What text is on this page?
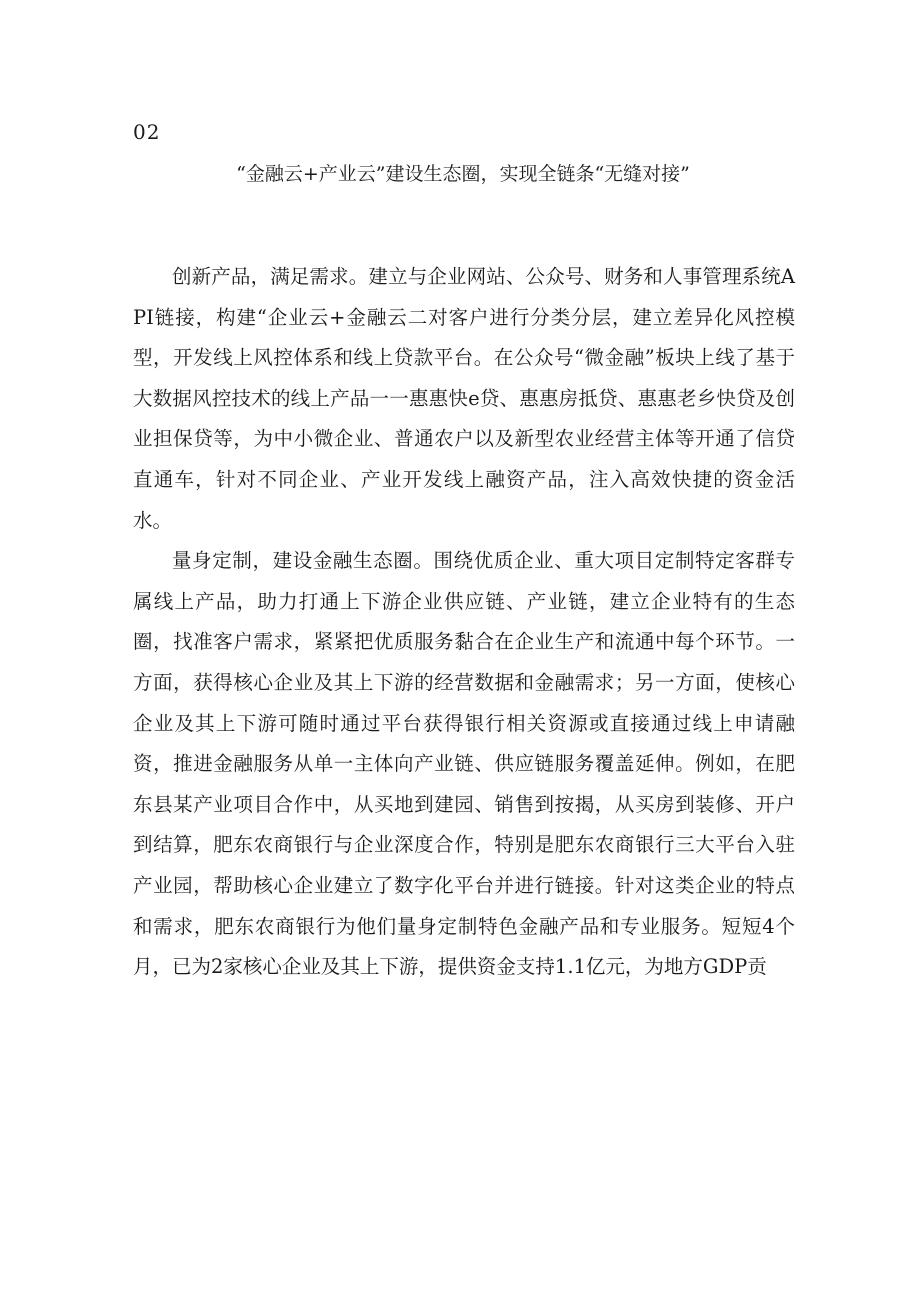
02
“金融云+产业云”建设生态圈，实现全链条“无缝对接”

创新产品，满足需求。建立与企业网站、公众号、财务和人事管理系统API链接，构建“企业云+金融云二对客户进行分类分层，建立差异化风控模型，开发线上风控体系和线上贷款平台。在公众号“微金融”板块上线了基于大数据风控技术的线上产品一一惠惠快e贷、惠惠房抵贷、惠惠老乡快贷及创业担保贷等，为中小微企业、普通农户以及新型农业经营主体等开通了信贷直通车，针对不同企业、产业开发线上融资产品，注入高效快捷的资金活水。

量身定制，建设金融生态圈。围绕优质企业、重大项目定制特定客群专属线上产品，助力打通上下游企业供应链、产业链，建立企业特有的生态圈，找准客户需求，紧紧把优质服务黏合在企业生产和流通中每个环节。一方面，获得核心企业及其上下游的经营数据和金融需求；另一方面，使核心企业及其上下游可随时通过平台获得银行相关资源或直接通过线上申请融资，推进金融服务从单一主体向产业链、供应链服务覆盖延伸。例如，在肥东县某产业项目合作中，从买地到建园、销售到按揭，从买房到装修、开户到结算，肥东农商银行与企业深度合作，特别是肥东农商银行三大平台入驻产业园，帮助核心企业建立了数字化平台并进行链接。针对这类企业的特点和需求，肥东农商银行为他们量身定制特色金融产品和专业服务。短短4个月，已为2家核心企业及其上下游，提供资金支持1.1亿元，为地方GDP贡
